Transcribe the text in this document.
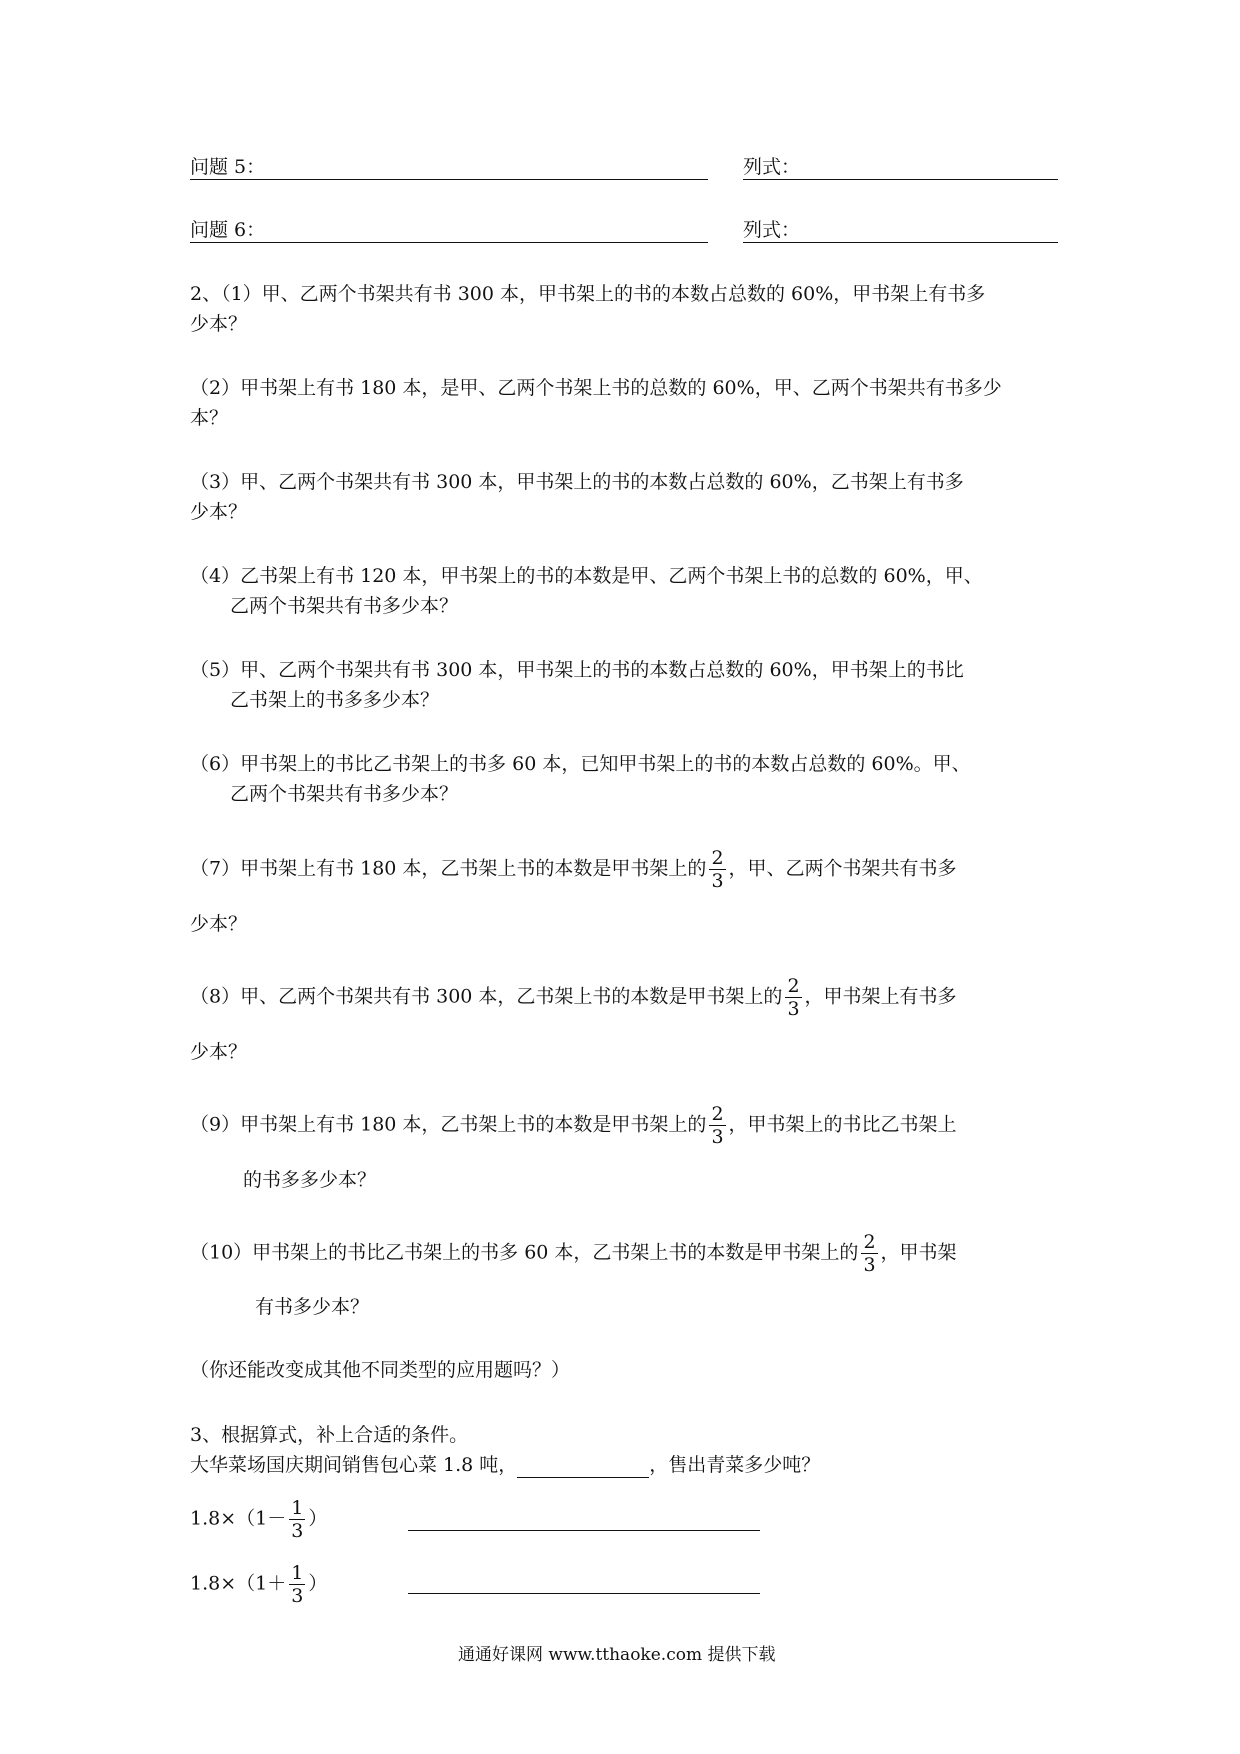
问题 5：	列式：
问题 6：	列式：
2、（1）甲、乙两个书架共有书 300 本，甲书架上的书的本数占总数的 60%，甲书架上有书多
少本？
（2）甲书架上有书 180 本，是甲、乙两个书架上书的总数的 60%，甲、乙两个书架共有书多少
本？
（3）甲、乙两个书架共有书 300 本，甲书架上的书的本数占总数的 60%，乙书架上有书多
少本？
（4）乙书架上有书 120 本，甲书架上的书的本数是甲、乙两个书架上书的总数的 60%，甲、
乙两个书架共有书多少本？
（5）甲、乙两个书架共有书 300 本，甲书架上的书的本数占总数的 60%，甲书架上的书比
乙书架上的书多多少本？
（6）甲书架上的书比乙书架上的书多 60 本，已知甲书架上的书的本数占总数的 60%。甲、
乙两个书架共有书多少本？
（7）甲书架上有书 180 本，乙书架上书的本数是甲书架上的 $\frac{2}{3}$ ，甲、乙两个书架共有书多
少本？
（8）甲、乙两个书架共有书 300 本，乙书架上书的本数是甲书架上的 $\frac{2}{3}$ ，甲书架上有书多
少本？
（9）甲书架上有书 180 本，乙书架上书的本数是甲书架上的 $\frac{2}{3}$ ，甲书架上的书比乙书架上
的书多多少本？
（10）甲书架上的书比乙书架上的书多 60 本，乙书架上书的本数是甲书架上的 $\frac{2}{3}$ ，甲书架
有书多少本？
（你还能改变成其他不同类型的应用题吗？）
3、根据算式，补上合适的条件。
大华菜场国庆期间销售包心菜 1.8 吨，	，售出青菜多少吨？
$1.8\times(1- \frac{1}{3}$ ）
$1.8\times(1+ \frac{1}{3}$ ）
通通好课网 www.tthaoke.com 提供下载
